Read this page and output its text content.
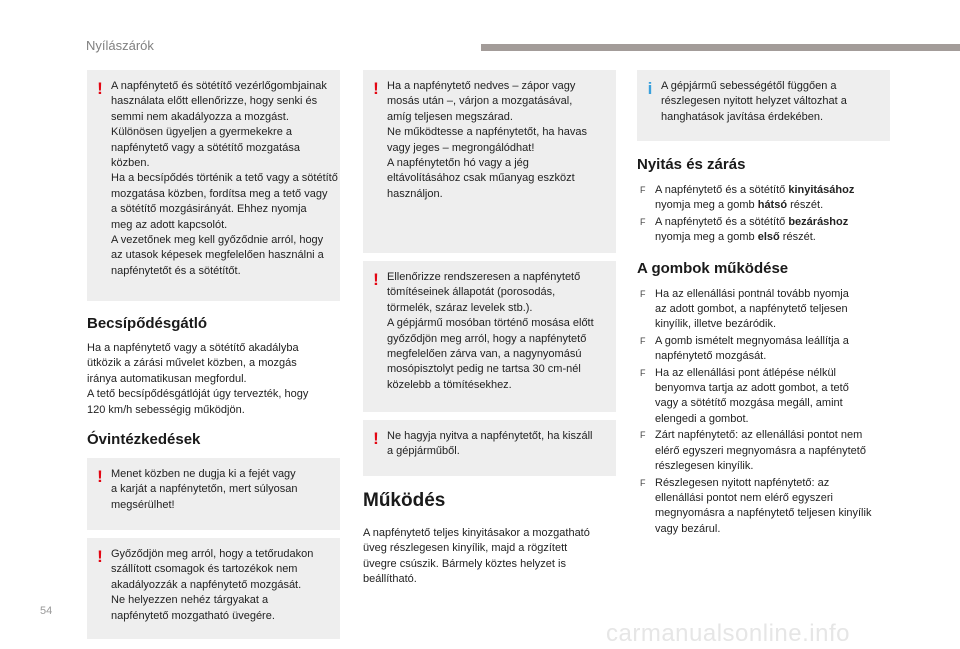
Nyílászárók
! A napfénytető és sötétítő vezérlőgombjainak
használata előtt ellenőrizze, hogy senki és
semmi nem akadályozza a mozgást.
Különösen ügyeljen a gyermekekre a
napfénytető vagy a sötétítő mozgatása
közben.
Ha a becsípődés történik a tető vagy a sötétítő
mozgatása közben, fordítsa meg a tető vagy
a sötétítő mozgásirányát. Ehhez nyomja
meg az adott kapcsolót.
A vezetőnek meg kell győződnie arról, hogy
az utasok képesek megfelelően használni a
napfénytetőt és a sötétítőt.
Becsípődésgátló
Ha a napfénytető vagy a sötétítő akadályba
ütközik a zárási művelet közben, a mozgás
iránya automatikusan megfordul.
A tető becsípődésgátlóját úgy tervezték, hogy
120 km/h sebességig működjön.
Óvintézkedések
! Menet közben ne dugja ki a fejét vagy
a karját a napfénytetőn, mert súlyosan
megsérülhet!
! Győződjön meg arról, hogy a tetőrudakon
szállított csomagok és tartozékok nem
akadályozzák a napfénytető mozgását.
Ne helyezzen nehéz tárgyakat a
napfénytető mozgatható üvegére.
! Ha a napfénytető nedves – zápor vagy
mosás után –, várjon a mozgatásával,
amíg teljesen megszárad.
Ne működtesse a napfénytetőt, ha havas
vagy jeges – megrongálódhat!
A napfénytetőn hó vagy a jég
eltávolításához csak műanyag eszközt
használjon.
! Ellenőrizze rendszeresen a napfénytető
tömítéseinek állapotát (porosodás,
törmelék, száraz levelek stb.).
A gépjármű mosóban történő mosása előtt
győződjön meg arról, hogy a napfénytető
megfelelően zárva van, a nagynyomású
mosópisztolyt pedig ne tartsa 30 cm-nél
közelebb a tömítésekhez.
! Ne hagyja nyitva a napfénytetőt, ha kiszáll
a gépjárműből.
Működés
A napfénytető teljes kinyitásakor a mozgatható
üveg részlegesen kinyílik, majd a rögzített
üvegre csúszik. Bármely köztes helyzet is
beállítható.
i A gépjármű sebességétől függően a
részlegesen nyitott helyzet változhat a
hanghatások javítása érdekében.
Nyitás és zárás
F A napfénytető és a sötétítő kinyitásához
nyomja meg a gomb hátsó részét.
F A napfénytető és a sötétítő bezáráshoz
nyomja meg a gomb első részét.
A gombok működése
F Ha az ellenállási pontnál tovább nyomja
az adott gombot, a napfénytető teljesen
kinyílik, illetve bezáródik.
F A gomb ismételt megnyomása leállítja a
napfénytető mozgását.
F Ha az ellenállási pont átlépése nélkül
benyomva tartja az adott gombot, a tető
vagy a sötétítő mozgása megáll, amint
elengedi a gombot.
F Zárt napfénytető: az ellenállási pontot nem
elérő egyszeri megnyomásra a napfénytető
részlegesen kinyílik.
F Részlegesen nyitott napfénytető: az
ellenállási pontot nem elérő egyszeri
megnyomásra a napfénytető teljesen kinyílik
vagy bezárul.
54
carmanualsonline.info
